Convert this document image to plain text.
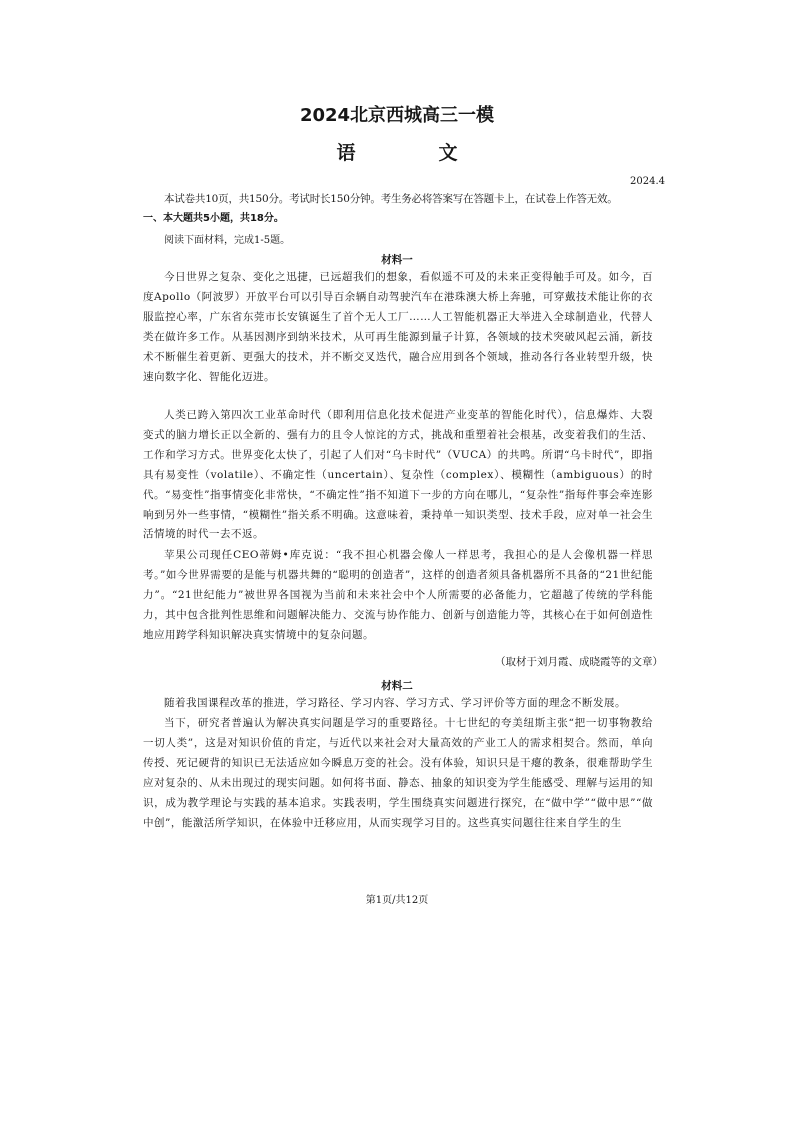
2024北京西城高三一模
语　文
2024.4

本试卷共10页，共150分。考试时长150分钟。考生务必将答案写在答题卡上，在试卷上作答无效。

一、本大题共5小题，共18分。

阅读下面材料，完成1-5题。

材料一

今日世界之复杂、变化之迅捷，已远超我们的想象，看似遥不可及的未来正变得触手可及。如今，百度Apollo（阿波罗）开放平台可以引导百余辆自动驾驶汽车在港珠澳大桥上奔驰，可穿戴技术能让你的衣服监控心率，广东省东莞市长安镇诞生了首个无人工厂……人工智能机器正大举进入全球制造业，代替人类在做许多工作。从基因测序到纳米技术，从可再生能源到量子计算，各领域的技术突破风起云涌，新技术不断催生着更新、更强大的技术，并不断交叉迭代，融合应用到各个领域，推动各行各业转型升级，快速向数字化、智能化迈进。

人类已跨入第四次工业革命时代（即利用信息化技术促进产业变革的智能化时代），信息爆炸、大裂变式的脑力增长正以全新的、强有力的且令人惊诧的方式，挑战和重塑着社会根基，改变着我们的生活、工作和学习方式。世界变化太快了，引起了人们对“乌卡时代”（VUCA）的共鸣。所谓“乌卡时代”，即指具有易变性（volatile）、不确定性（uncertain）、复杂性（complex）、模糊性（ambiguous）的时代。“易变性”指事情变化非常快，“不确定性”指不知道下一步的方向在哪儿，“复杂性”指每件事会牵连影响到另外一些事情，“模糊性”指关系不明确。这意味着，秉持单一知识类型、技术手段，应对单一社会生活情境的时代一去不返。

苹果公司现任CEO蒂姆•库克说：“我不担心机器会像人一样思考，我担心的是人会像机器一样思考。”如今世界需要的是能与机器共舞的“聪明的创造者”，这样的创造者须具备机器所不具备的“21世纪能力”。“21世纪能力”被世界各国视为当前和未来社会中个人所需要的必备能力，它超越了传统的学科能力，其中包含批判性思维和问题解决能力、交流与协作能力、创新与创造能力等，其核心在于如何创造性地应用跨学科知识解决真实情境中的复杂问题。

（取材于刘月霞、成晓霞等的文章）

材料二

随着我国课程改革的推进，学习路径、学习内容、学习方式、学习评价等方面的理念不断发展。

当下，研究者普遍认为解决真实问题是学习的重要路径。十七世纪的夸美纽斯主张“把一切事物教给一切人类”，这是对知识价值的肯定，与近代以来社会对大量高效的产业工人的需求相契合。然而，单向传授、死记硬背的知识已无法适应如今瞬息万变的社会。没有体验，知识只是干瘪的教条，很难帮助学生应对复杂的、从未出现过的现实问题。如何将书面、静态、抽象的知识变为学生能感受、理解与运用的知识，成为教学理论与实践的基本追求。实践表明，学生围绕真实问题进行探究，在“做中学”“做中思”“做中创”，能激活所学知识，在体验中迁移应用，从而实现学习目的。这些真实问题往往来自学生的生

第1页/共12页
